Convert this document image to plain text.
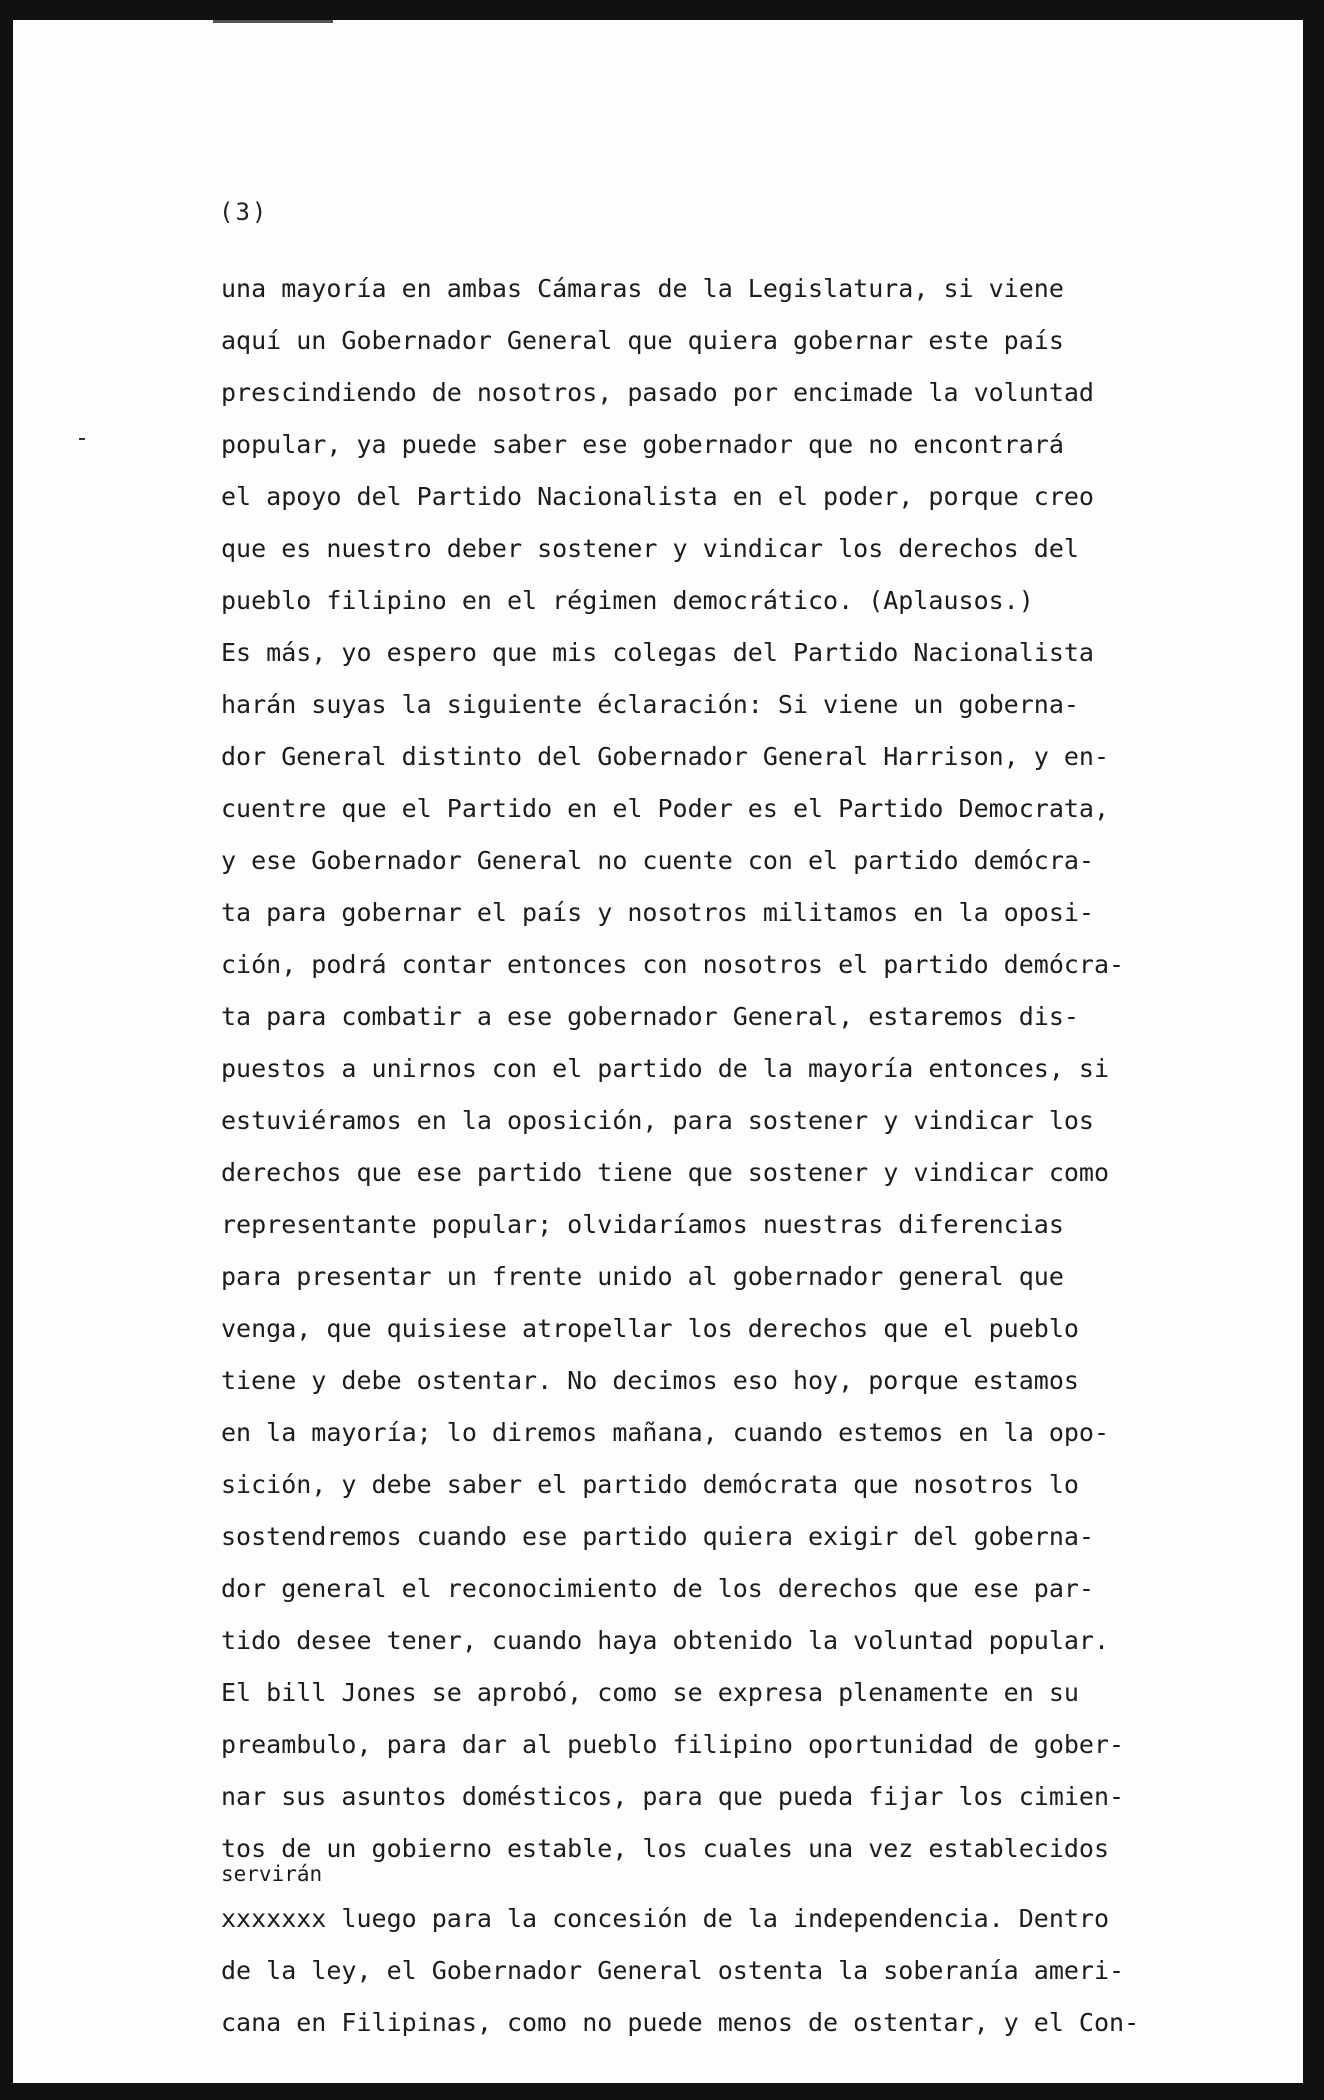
(3)
una mayoría en ambas Cámaras de la Legislatura, si viene
aquí un Gobernador General que quiera gobernar este país
prescindiendo de nosotros, pasado por encimade la voluntad
popular, ya puede saber ese gobernador que no encontrará
el apoyo del Partido Nacionalista en el poder, porque creo
que es nuestro deber sostener y vindicar los derechos del
pueblo filipino en el régimen democrático. (Aplausos.)
Es más, yo espero que mis colegas del Partido Nacionalista
harán suyas la siguiente éclaración: Si viene un goberna-
dor General distinto del Gobernador General Harrison, y en-
cuentre que el Partido en el Poder es el Partido Democrata,
y ese Gobernador General no cuente con el partido demócra-
ta para gobernar el país y nosotros militamos en la oposi-
ción, podrá contar entonces con nosotros el partido demócra-
ta para combatir a ese gobernador General, estaremos dis-
puestos a unirnos con el partido de la mayoría entonces, si
estuviéramos en la oposición, para sostener y vindicar los
derechos que ese partido tiene que sostener y vindicar como
representante popular; olvidaríamos nuestras diferencias
para presentar un frente unido al gobernador general que
venga, que quisiese atropellar los derechos que el pueblo
tiene y debe ostentar. No decimos eso hoy, porque estamos
en la mayoría; lo diremos mañana, cuando estemos en la opo-
sición, y debe saber el partido demócrata que nosotros lo
sostendremos cuando ese partido quiera exigir del goberna-
dor general el reconocimiento de los derechos que ese par-
tido desee tener, cuando haya obtenido la voluntad popular.
El bill Jones se aprobó, como se expresa plenamente en su
preambulo, para dar al pueblo filipino oportunidad de gober-
nar sus asuntos domésticos, para que pueda fijar los cimien-
tos de un gobierno estable, los cuales una vez establecidos
servirán
xxxxxxx luego para la concesión de la independencia. Dentro
de la ley, el Gobernador General ostenta la soberanía ameri-
cana en Filipinas, como no puede menos de ostentar, y el Con-
